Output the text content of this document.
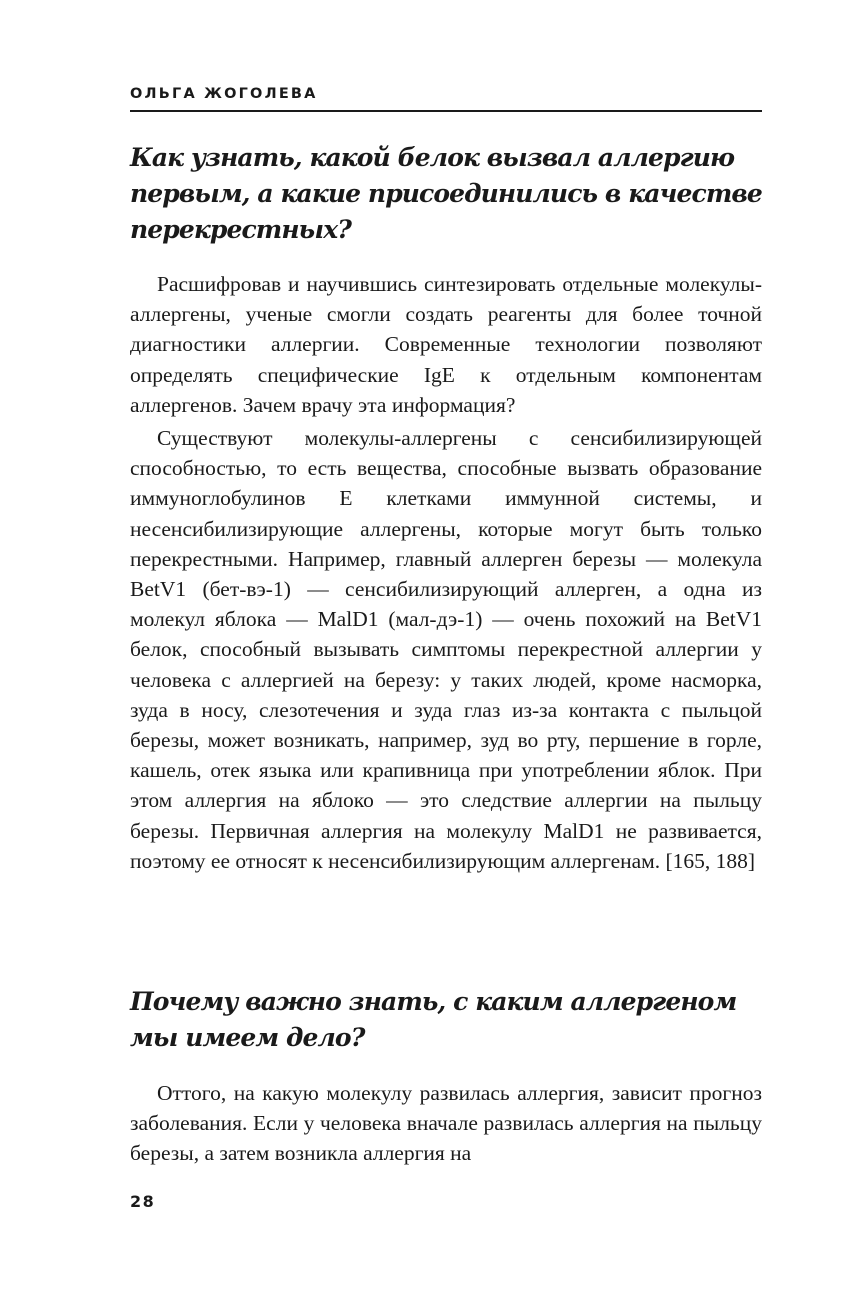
ОЛЬГА ЖОГОЛЕВА
Как узнать, какой белок вызвал аллергию первым, а какие присоединились в качестве перекрестных?

Расшифровав и научившись синтезировать отдельные молекулы-аллергены, ученые смогли создать реагенты для более точной диагностики аллергии. Современные технологии позволяют определять специфические IgE к отдельным компонентам аллергенов. Зачем врачу эта информация?

Существуют молекулы-аллергены с сенсибилизирующей способностью, то есть вещества, способные вызвать образование иммуноглобулинов E клетками иммунной системы, и несенсибилизирующие аллергены, которые могут быть только перекрестными. Например, главный аллерген березы — молекула BetV1 (бет-вэ-1) — сенсибилизирующий аллерген, а одна из молекул яблока — MalD1 (мал-дэ-1) — очень похожий на BetV1 белок, способный вызывать симптомы перекрестной аллергии у человека с аллергией на березу: у таких людей, кроме насморка, зуда в носу, слезотечения и зуда глаз из-за контакта с пыльцой березы, может возникать, например, зуд во рту, першение в горле, кашель, отек языка или крапивница при употреблении яблок. При этом аллергия на яблоко — это следствие аллергии на пыльцу березы. Первичная аллергия на молекулу MalD1 не развивается, поэтому ее относят к несенсибилизирующим аллергенам. [165, 188]

Почему важно знать, с каким аллергеном мы имеем дело?

Оттого, на какую молекулу развилась аллергия, зависит прогноз заболевания. Если у человека вначале развилась аллергия на пыльцу березы, а затем возникла аллергия на

28
